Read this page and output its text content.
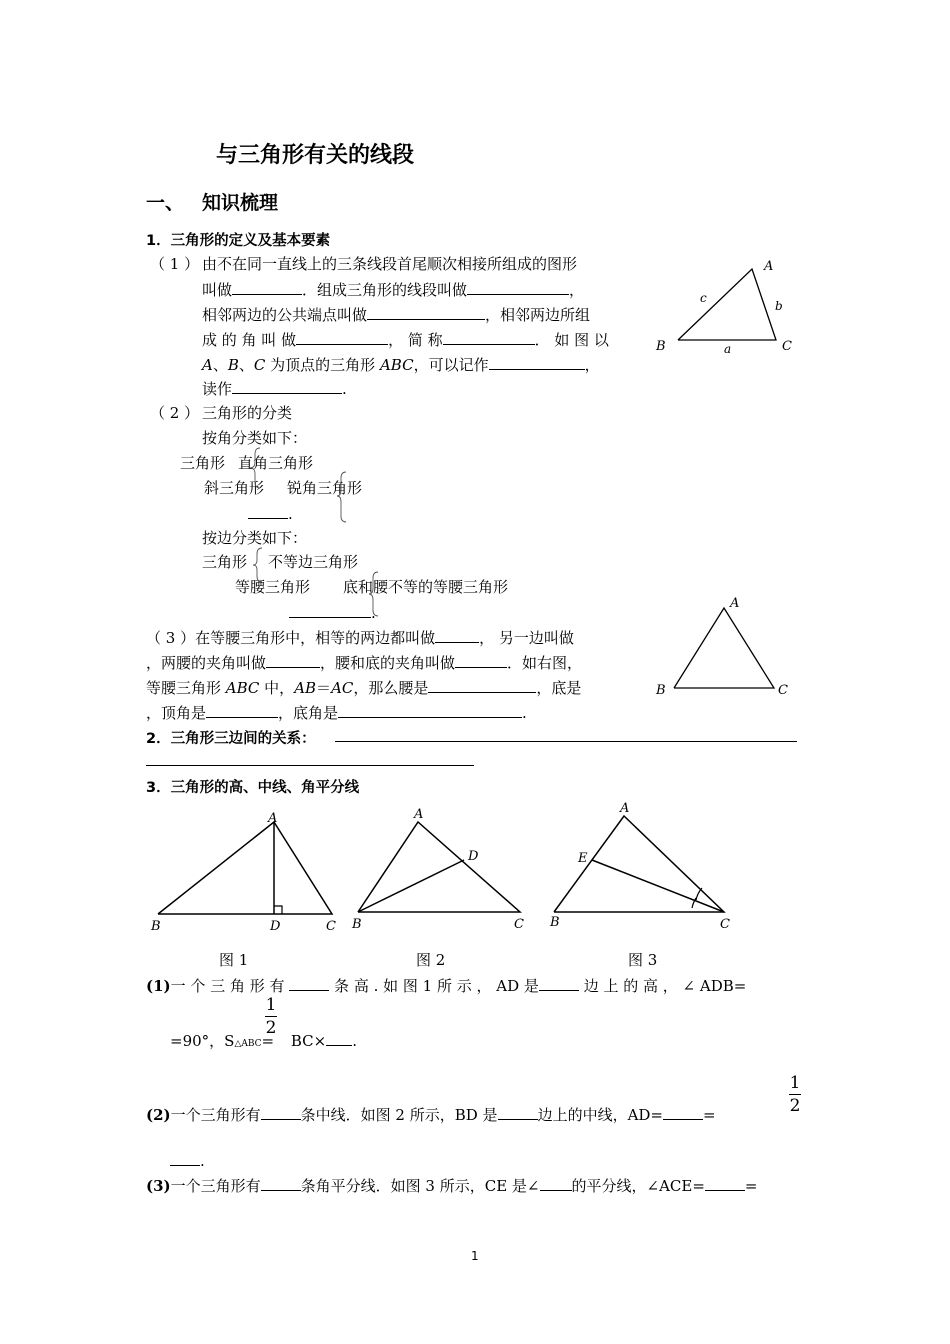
与三角形有关的线段
一、 知识梳理
1．三角形的定义及基本要素
（ 1 ） 由不在同一直线上的三条线段首尾顺次相接所组成的图形
叫做	．组成三角形的线段叫做	，
相邻两边的公共端点叫做	，相邻两边所组
成 的 角 叫 做	， 简 称	． 如 图 以
A、B、C 为顶点的三角形 ABC，可以记作	，
读作	.
A
B	C
a
b
c
（ 2 ） 三角形的分类
按角分类如下：
三角形 直角三角形
斜三角形 锐角三角形
.
按边分类如下：
三角形 不等边三角形
等腰三角形 底和腰不等的等腰三角形
.
A
B	C
（ 3 ）在等腰三角形中，相等的两边都叫做	， 另一边叫做
，两腰的夹角叫做	，腰和底的夹角叫做	．如右图，
等腰三角形 ABC 中，AB＝AC，那么腰是	，底是
，顶角是	，底角是	.
2．三角形三边间的关系：
3．三角形的高、中线、角平分线
A
B	C
D
A
B	C
D
A
B	C
E
图 1	图 2	图 3
(1)一 个 三 角 形 有	条 高 . 如 图 1 所 示 ， AD 是	边 上 的 高 ， ∠ ADB=
1
2
=90°，S△ABC= BC× .
1
2
(2)一个三角形有	条中线．如图 2 所示，BD 是	边上的中线，AD=	=
.
(3)一个三角形有	条角平分线．如图 3 所示，CE 是∠ 的平分线，∠ACE=	=
1
